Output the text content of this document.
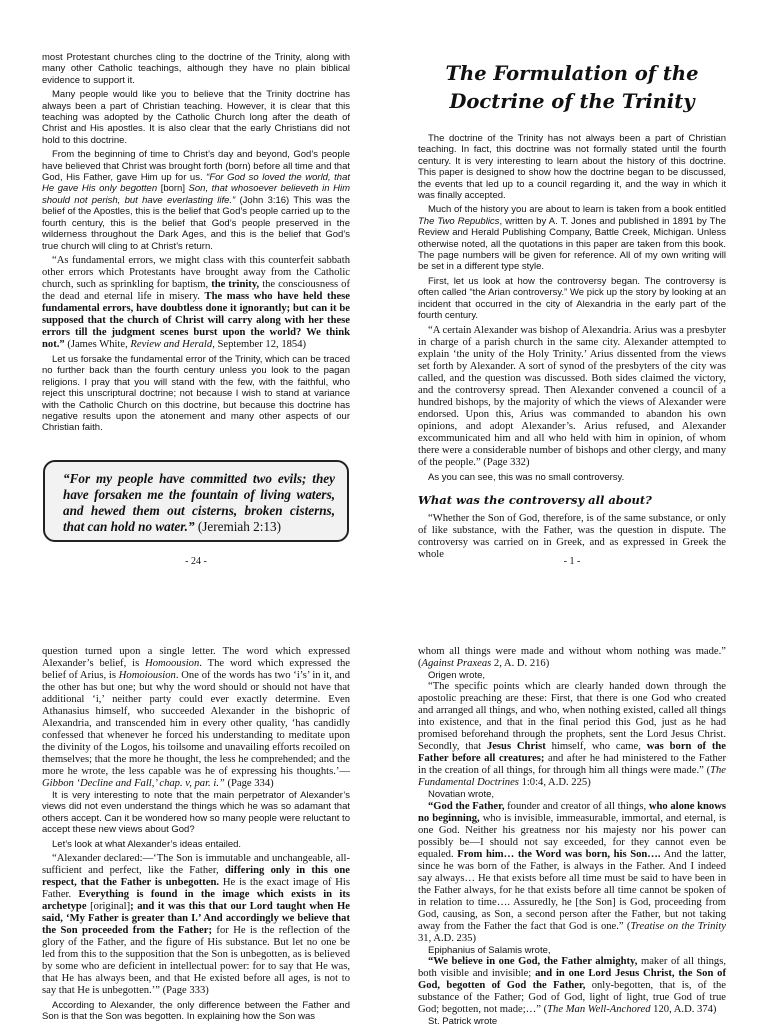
most Protestant churches cling to the doctrine of the Trinity, along with many other Catholic teachings, although they have no plain biblical evidence to support it.

Many people would like you to believe that the Trinity doctrine has always been a part of Christian teaching. However, it is clear that this teaching was adopted by the Catholic Church long after the death of Christ and His apostles. It is also clear that the early Christians did not hold to this doctrine.

From the beginning of time to Christ’s day and beyond, God’s people have believed that Christ was brought forth (born) before all time and that God, His Father, gave Him up for us. “For God so loved the world, that He gave His only begotten [born] Son, that whosoever believeth in Him should not perish, but have everlasting life.” (John 3:16) This was the belief of the Apostles, this is the belief that God’s people carried up to the fourth century, this is the belief that God’s people preserved in the wilderness throughout the Dark Ages, and this is the belief that God’s true church will cling to at Christ’s return.

“As fundamental errors, we might class with this counterfeit sabbath other errors which Protestants have brought away from the Catholic church, such as sprinkling for baptism, the trinity, the consciousness of the dead and eternal life in misery. The mass who have held these fundamental errors, have doubtless done it ignorantly; but can it be supposed that the church of Christ will carry along with her these errors till the judgment scenes burst upon the world? We think not.” (James White, Review and Herald, September 12, 1854)

Let us forsake the fundamental error of the Trinity, which can be traced no further back than the fourth century unless you look to the pagan religions. I pray that you will stand with the few, with the faithful, who reject this unscriptural doctrine; not because I wish to stand at variance with the Catholic Church on this doctrine, but because this doctrine has negative results upon the atonement and many other aspects of our Christian faith.

“For my people have committed two evils; they have forsaken me the fountain of living waters, and hewed them out cisterns, broken cisterns, that can hold no water.” (Jeremiah 2:13)
- 24 -
The Formulation of the
Doctrine of the Trinity

The doctrine of the Trinity has not always been a part of Christian teaching. In fact, this doctrine was not formally stated until the fourth century. It is very interesting to learn about the history of this doctrine. This paper is designed to show how the doctrine began to be discussed, the events that led up to a council regarding it, and the way in which it was finally accepted.

Much of the history you are about to learn is taken from a book entitled The Two Republics, written by A. T. Jones and published in 1891 by The Review and Herald Publishing Company, Battle Creek, Michigan. Unless otherwise noted, all the quotations in this paper are taken from this book. The page numbers will be given for reference. All of my own writing will be set in a different type style.

First, let us look at how the controversy began. The controversy is often called “the Arian controversy.” We pick up the story by looking at an incident that occurred in the city of Alexandria in the early part of the fourth century.

“A certain Alexander was bishop of Alexandria. Arius was a presbyter in charge of a parish church in the same city. Alexander attempted to explain ‘the unity of the Holy Trinity.’ Arius dissented from the views set forth by Alexander. A sort of synod of the presbyters of the city was called, and the question was discussed. Both sides claimed the victory, and the controversy spread. Then Alexander convened a council of a hundred bishops, by the majority of which the views of Alexander were endorsed. Upon this, Arius was commanded to abandon his own opinions, and adopt Alexander’s. Arius refused, and Alexander excommunicated him and all who held with him in opinion, of whom there were a considerable number of bishops and other clergy, and many of the people.” (Page 332)

As you can see, this was no small controversy.

What was the controversy all about?

“Whether the Son of God, therefore, is of the same substance, or only of like substance, with the Father, was the question in dispute. The controversy was carried on in Greek, and as expressed in Greek the whole

- 1 -

question turned upon a single letter. The word which expressed Alexander’s belief, is Homoousion. The word which expressed the belief of Arius, is Homoiousion. One of the words has two ‘i’s’ in it, and the other has but one; but why the word should or should not have that additional ‘i,’ neither party could ever exactly determine. Even Athanasius himself, who succeeded Alexander in the bishopric of Alexandria, and transcended him in every other quality, ‘has candidly confessed that whenever he forced his understanding to meditate upon the divinity of the Logos, his toilsome and unavailing efforts recoiled on themselves; that the more he thought, the less he comprehended; and the more he wrote, the less capable was he of expressing his thoughts.’—Gibbon ‘Decline and Fall,’ chap. v, par. i.” (Page 334)

It is very interesting to note that the main perpetrator of Alexander’s views did not even understand the things which he was so adamant that others accept. Can it be wondered how so many people were reluctant to accept these new views about God?

Let’s look at what Alexander’s ideas entailed.

“Alexander declared:—‘The Son is immutable and unchangeable, all-sufficient and perfect, like the Father, differing only in this one respect, that the Father is unbegotten. He is the exact image of His Father. Everything is found in the image which exists in its archetype [original]; and it was this that our Lord taught when He said, ‘My Father is greater than I.’ And accordingly we believe that the Son proceeded from the Father; for He is the reflection of the glory of the Father, and the figure of His substance. But let no one be led from this to the supposition that the Son is unbegotten, as is believed by some who are deficient in intellectual power: for to say that He was, that He has always been, and that He existed before all ages, is not to say that He is unbegotten.’” (Page 333)

According to Alexander, the only difference between the Father and Son is that the Son was begotten. In explaining how the Son was

whom all things were made and without whom nothing was made.” (Against Praxeas 2, A. D. 216)

Origen wrote,

“The specific points which are clearly handed down through the apostolic preaching are these: First, that there is one God who created and arranged all things, and who, when nothing existed, called all things into existence, and that in the final period this God, just as he had promised beforehand through the prophets, sent the Lord Jesus Christ. Secondly, that Jesus Christ himself, who came, was born of the Father before all creatures; and after he had ministered to the Father in the creation of all things, for through him all things were made.” (The Fundamental Doctrines 1:0:4, A.D. 225)

Novatian wrote,

“God the Father, founder and creator of all things, who alone knows no beginning, who is invisible, immeasurable, immortal, and eternal, is one God. Neither his greatness nor his majesty nor his power can possibly be—I should not say exceeded, for they cannot even be equaled. From him… the Word was born, his Son…. And the latter, since he was born of the Father, is always in the Father. And I indeed say always… He that exists before all time must be said to have been in the Father always, for he that exists before all time cannot be spoken of in relation to time…. Assuredly, he [the Son] is God, proceeding from God, causing, as Son, a second person after the Father, but not taking away from the Father the fact that God is one.” (Treatise on the Trinity 31, A.D. 235)

Epiphanius of Salamis wrote,

“We believe in one God, the Father almighty, maker of all things, both visible and invisible; and in one Lord Jesus Christ, the Son of God, begotten of God the Father, only-begotten, that is, of the substance of the Father; God of God, light of light, true God of true God; begotten, not made;…” (The Man Well-Anchored 120, A.D. 374)

St. Patrick wrote
